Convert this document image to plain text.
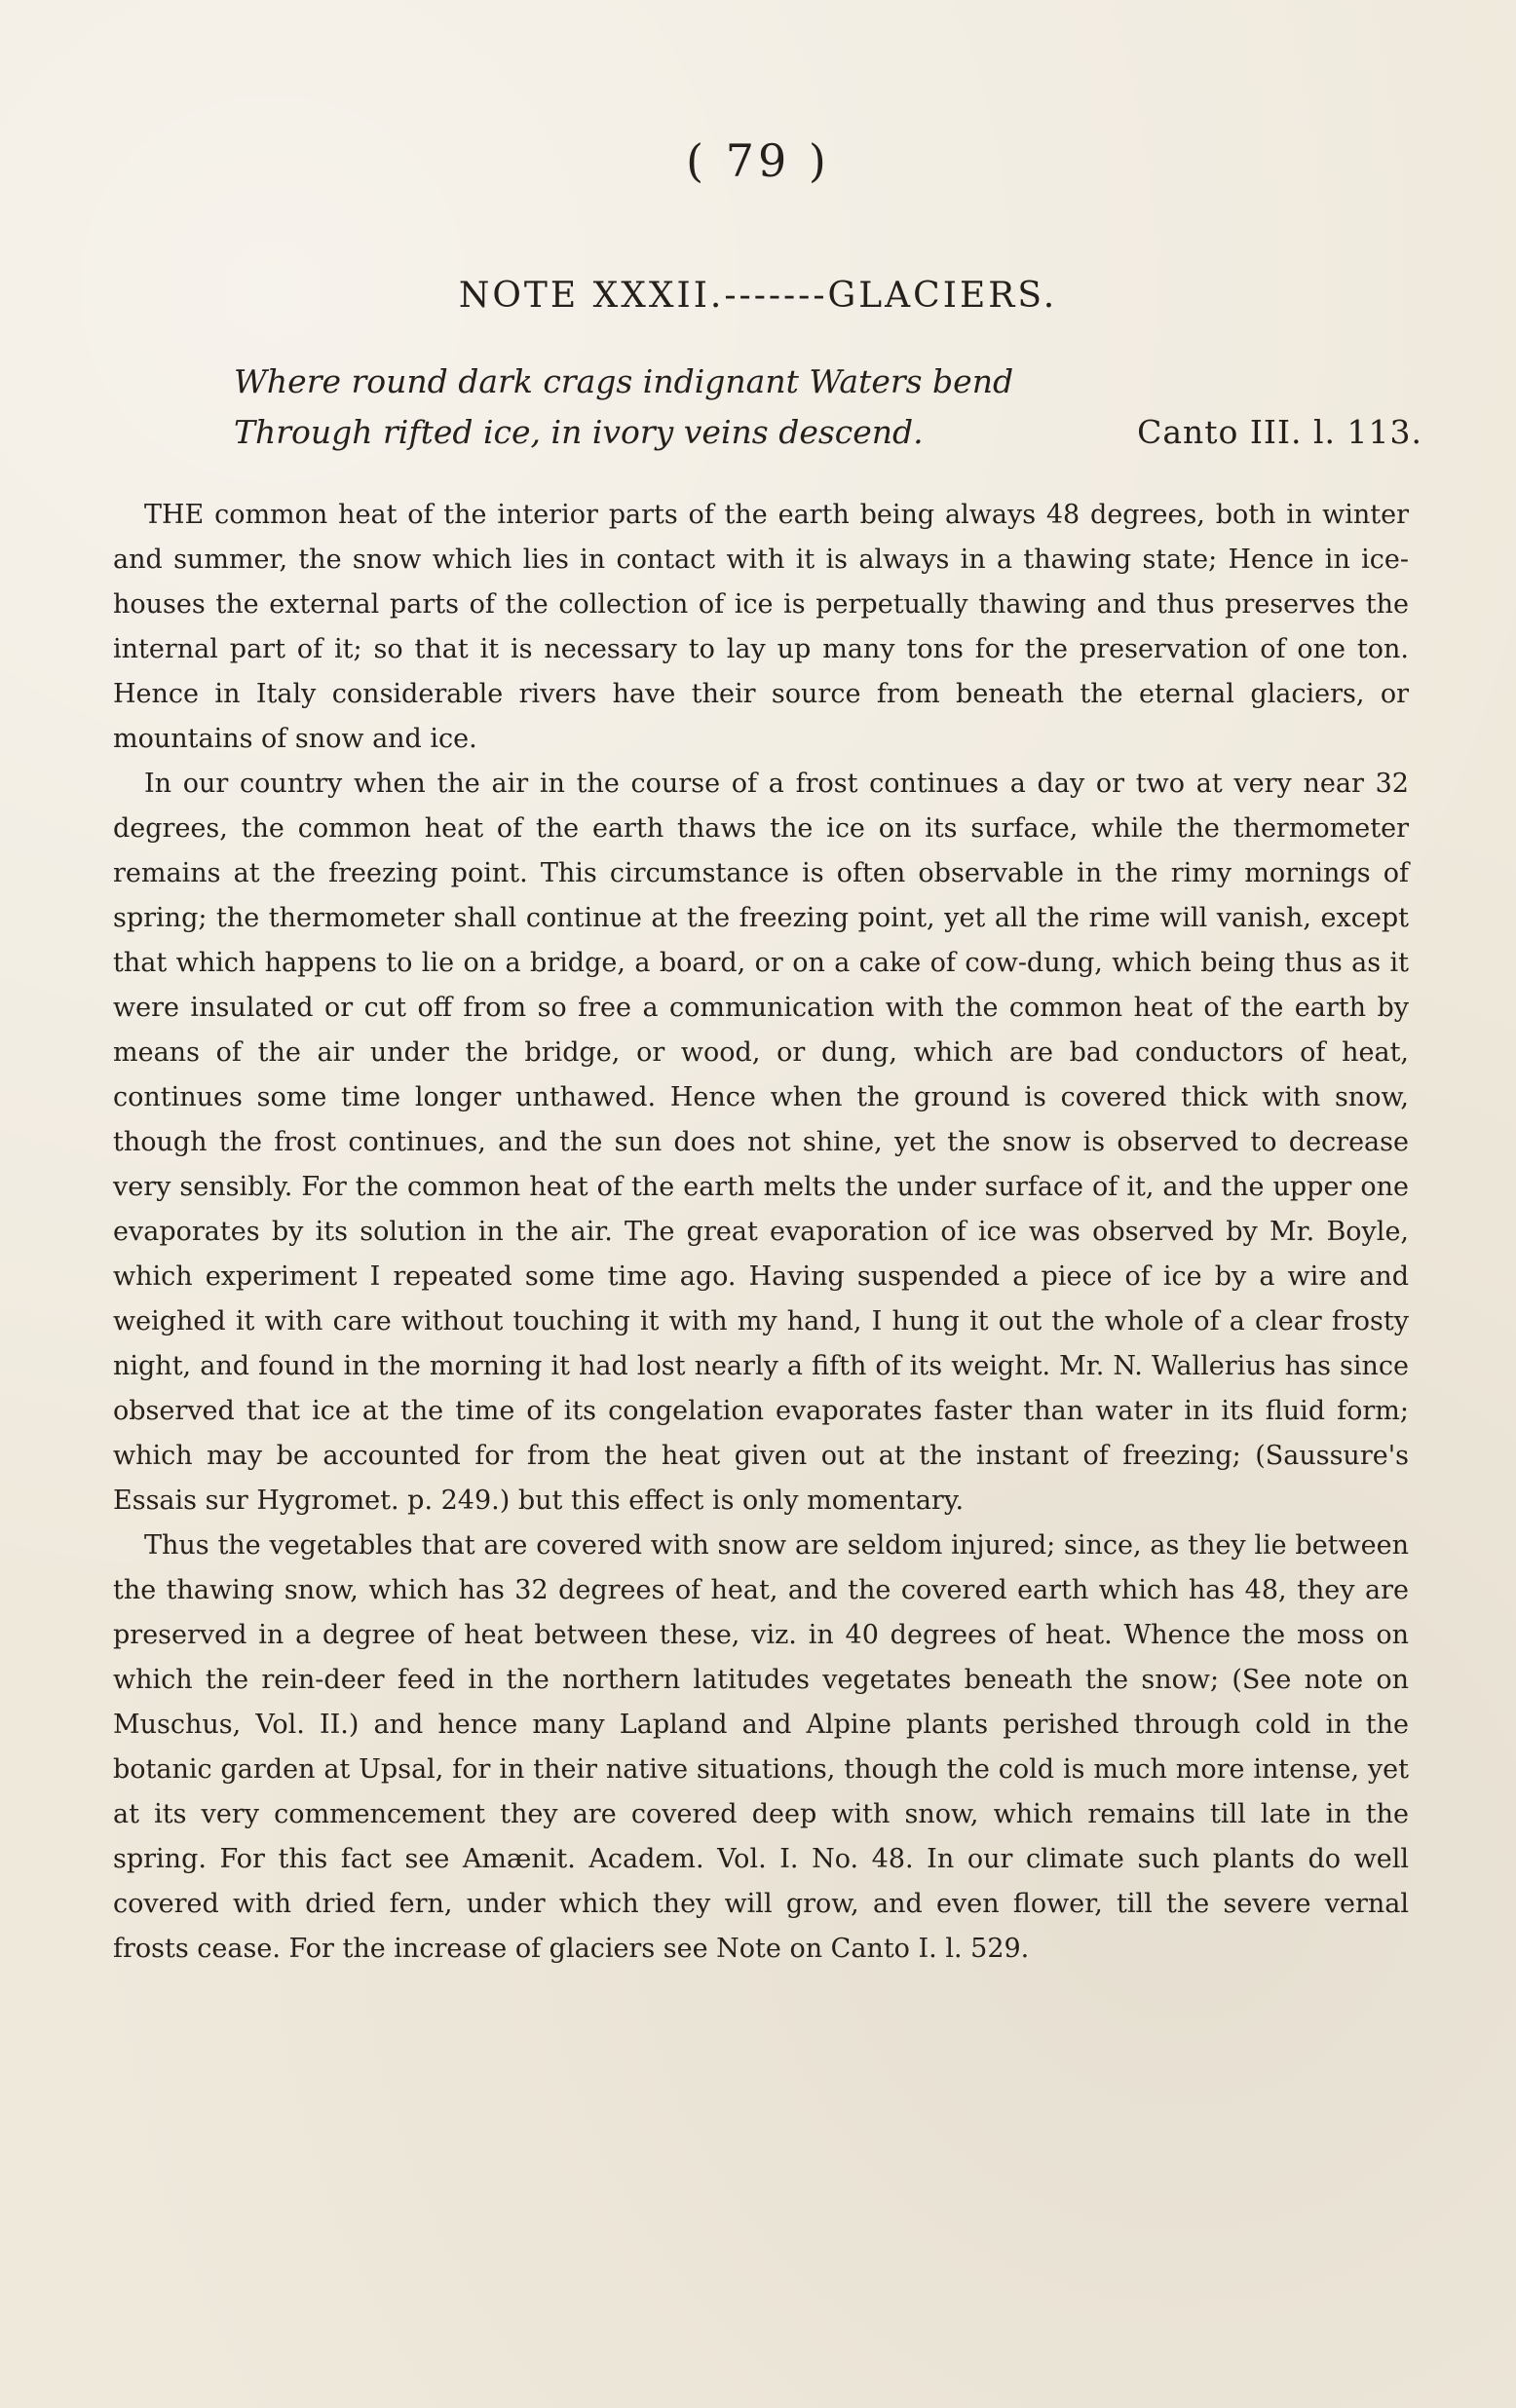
( 79 )
NOTE XXXII.-------GLACIERS.
Where round dark crags indignant Waters bend
Through rifted ice, in ivory veins descend.	Canto III. l. 113.

THE common heat of the interior parts of the earth being always 48 degrees, both in winter and summer, the snow which lies in contact with it is always in a thawing state; Hence in ice-houses the external parts of the collection of ice is perpetually thawing and thus preserves the internal part of it; so that it is necessary to lay up many tons for the preservation of one ton. Hence in Italy considerable rivers have their source from beneath the eternal glaciers, or mountains of snow and ice.

In our country when the air in the course of a frost continues a day or two at very near 32 degrees, the common heat of the earth thaws the ice on its surface, while the thermometer remains at the freezing point. This circumstance is often observable in the rimy mornings of spring; the thermometer shall continue at the freezing point, yet all the rime will vanish, except that which happens to lie on a bridge, a board, or on a cake of cow-dung, which being thus as it were insulated or cut off from so free a communication with the common heat of the earth by means of the air under the bridge, or wood, or dung, which are bad conductors of heat, continues some time longer unthawed. Hence when the ground is covered thick with snow, though the frost continues, and the sun does not shine, yet the snow is observed to decrease very sensibly. For the common heat of the earth melts the under surface of it, and the upper one evaporates by its solution in the air. The great evaporation of ice was observed by Mr. Boyle, which experiment I repeated some time ago. Having suspended a piece of ice by a wire and weighed it with care without touching it with my hand, I hung it out the whole of a clear frosty night, and found in the morning it had lost nearly a fifth of its weight. Mr. N. Wallerius has since observed that ice at the time of its congelation evaporates faster than water in its fluid form; which may be accounted for from the heat given out at the instant of freezing; (Saussure's Essais sur Hygromet. p. 249.) but this effect is only momentary.

Thus the vegetables that are covered with snow are seldom injured; since, as they lie between the thawing snow, which has 32 degrees of heat, and the covered earth which has 48, they are preserved in a degree of heat between these, viz. in 40 degrees of heat. Whence the moss on which the rein-deer feed in the northern latitudes vegetates beneath the snow; (See note on Muschus, Vol. II.) and hence many Lapland and Alpine plants perished through cold in the botanic garden at Upsal, for in their native situations, though the cold is much more intense, yet at its very commencement they are covered deep with snow, which remains till late in the spring. For this fact see Amænit. Academ. Vol. I. No. 48. In our climate such plants do well covered with dried fern, under which they will grow, and even flower, till the severe vernal frosts cease. For the increase of glaciers see Note on Canto I. l. 529.
